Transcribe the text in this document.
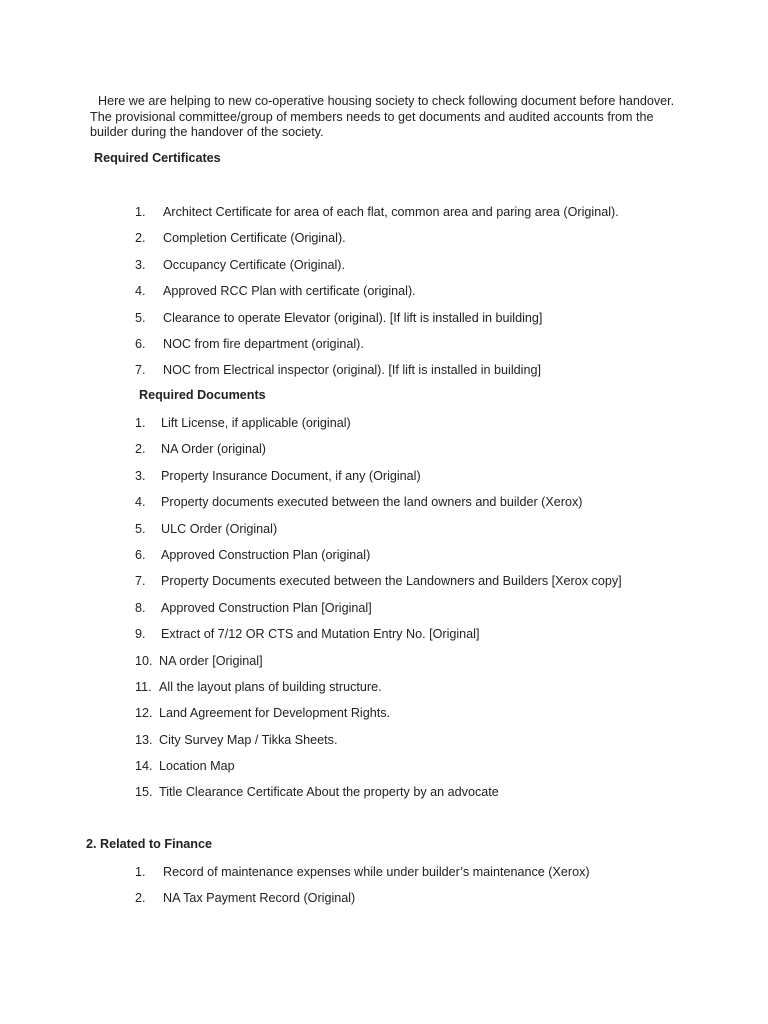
Here we are helping to new co-operative housing society to check following document before handover.
The provisional committee/group of members needs to get documents and audited accounts from the
builder during the handover of the society.

Required Certificates
1. Architect Certificate for area of each flat, common area and paring area (Original).
2. Completion Certificate (Original).
3. Occupancy Certificate (Original).
4. Approved RCC Plan with certificate (original).
5. Clearance to operate Elevator (original). [If lift is installed in building]
6. NOC from fire department (original).
7. NOC from Electrical inspector (original). [If lift is installed in building]
Required Documents
1. Lift License, if applicable (original)
2. NA Order (original)
3. Property Insurance Document, if any (Original)
4. Property documents executed between the land owners and builder (Xerox)
5. ULC Order (Original)
6. Approved Construction Plan (original)
7. Property Documents executed between the Landowners and Builders [Xerox copy]
8. Approved Construction Plan [Original]
9. Extract of 7/12 OR CTS and Mutation Entry No. [Original]
10. NA order [Original]
11. All the layout plans of building structure.
12. Land Agreement for Development Rights.
13. City Survey Map / Tikka Sheets.
14. Location Map
15. Title Clearance Certificate About the property by an advocate
2. Related to Finance
1. Record of maintenance expenses while under builder’s maintenance (Xerox)
2. NA Tax Payment Record (Original)
